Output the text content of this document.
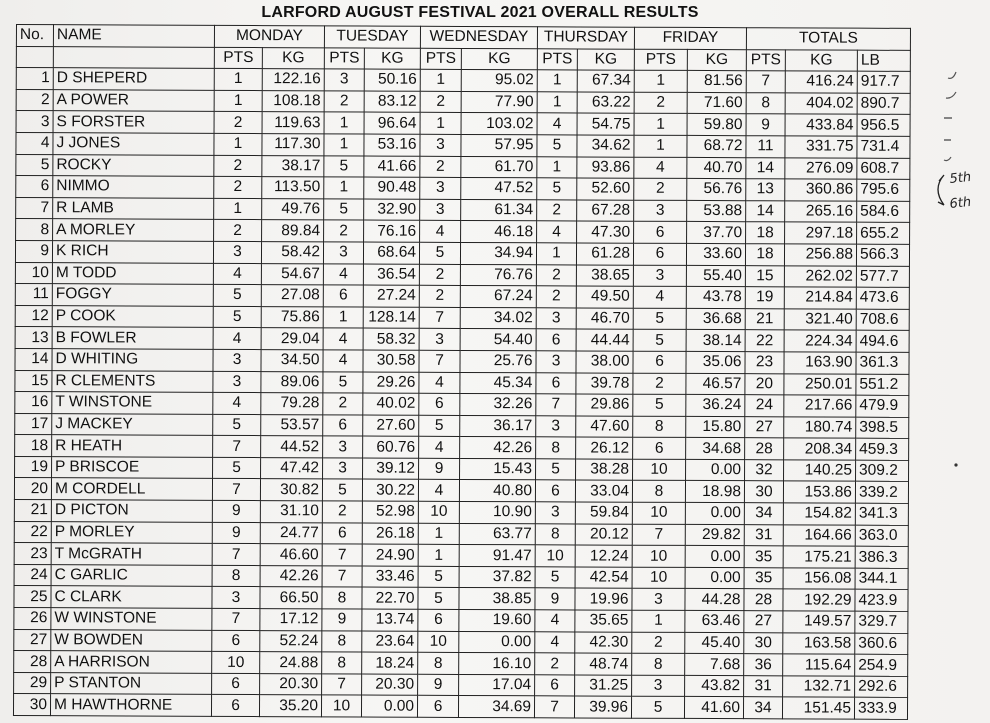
LARFORD AUGUST FESTIVAL 2021 OVERALL RESULTS
No.	NAME	MONDAY		TUESDAY		WEDNESDAY		THURSDAY		FRIDAY		TOTALS		
		PTS	KG	PTS	KG	PTS	KG	PTS	KG	PTS	KG	PTS	KG	LB
1	D SHEPERD	1	122.16	3	50.16	1	95.02	1	67.34	1	81.56	7	416.24	917.7
2	A POWER	1	108.18	2	83.12	2	77.90	1	63.22	2	71.60	8	404.02	890.7
3	S FORSTER	2	119.63	1	96.64	1	103.02	4	54.75	1	59.80	9	433.84	956.5
4	J JONES	1	117.30	1	53.16	3	57.95	5	34.62	1	68.72	11	331.75	731.4
5	ROCKY	2	38.17	5	41.66	2	61.70	1	93.86	4	40.70	14	276.09	608.7
6	NIMMO	2	113.50	1	90.48	3	47.52	5	52.60	2	56.76	13	360.86	795.6
7	R LAMB	1	49.76	5	32.90	3	61.34	2	67.28	3	53.88	14	265.16	584.6
8	A MORLEY	2	89.84	2	76.16	4	46.18	4	47.30	6	37.70	18	297.18	655.2
9	K RICH	3	58.42	3	68.64	5	34.94	1	61.28	6	33.60	18	256.88	566.3
10	M TODD	4	54.67	4	36.54	2	76.76	2	38.65	3	55.40	15	262.02	577.7
11	FOGGY	5	27.08	6	27.24	2	67.24	2	49.50	4	43.78	19	214.84	473.6
12	P COOK	5	75.86	1	128.14	7	34.02	3	46.70	5	36.68	21	321.40	708.6
13	B FOWLER	4	29.04	4	58.32	3	54.40	6	44.44	5	38.14	22	224.34	494.6
14	D WHITING	3	34.50	4	30.58	7	25.76	3	38.00	6	35.06	23	163.90	361.3
15	R CLEMENTS	3	89.06	5	29.26	4	45.34	6	39.78	2	46.57	20	250.01	551.2
16	T WINSTONE	4	79.28	2	40.02	6	32.26	7	29.86	5	36.24	24	217.66	479.9
17	J MACKEY	5	53.57	6	27.60	5	36.17	3	47.60	8	15.80	27	180.74	398.5
18	R HEATH	7	44.52	3	60.76	4	42.26	8	26.12	6	34.68	28	208.34	459.3
19	P BRISCOE	5	47.42	3	39.12	9	15.43	5	38.28	10	0.00	32	140.25	309.2
20	M CORDELL	7	30.82	5	30.22	4	40.80	6	33.04	8	18.98	30	153.86	339.2
21	D PICTON	9	31.10	2	52.98	10	10.90	3	59.84	10	0.00	34	154.82	341.3
22	P MORLEY	9	24.77	6	26.18	1	63.77	8	20.12	7	29.82	31	164.66	363.0
23	T McGRATH	7	46.60	7	24.90	1	91.47	10	12.24	10	0.00	35	175.21	386.3
24	C GARLIC	8	42.26	7	33.46	5	37.82	5	42.54	10	0.00	35	156.08	344.1
25	C CLARK	3	66.50	8	22.70	5	38.85	9	19.96	3	44.28	28	192.29	423.9
26	W WINSTONE	7	17.12	9	13.74	6	19.60	4	35.65	1	63.46	27	149.57	329.7
27	W BOWDEN	6	52.24	8	23.64	10	0.00	4	42.30	2	45.40	30	163.58	360.6
28	A HARRISON	10	24.88	8	18.24	8	16.10	2	48.74	8	7.68	36	115.64	254.9
29	P STANTON	6	20.30	7	20.30	9	17.04	6	31.25	3	43.82	31	132.71	292.6
30	M HAWTHORNE	6	35.20	10	0.00	6	34.69	7	39.96	5	41.60	34	151.45	333.9
5th
6th
